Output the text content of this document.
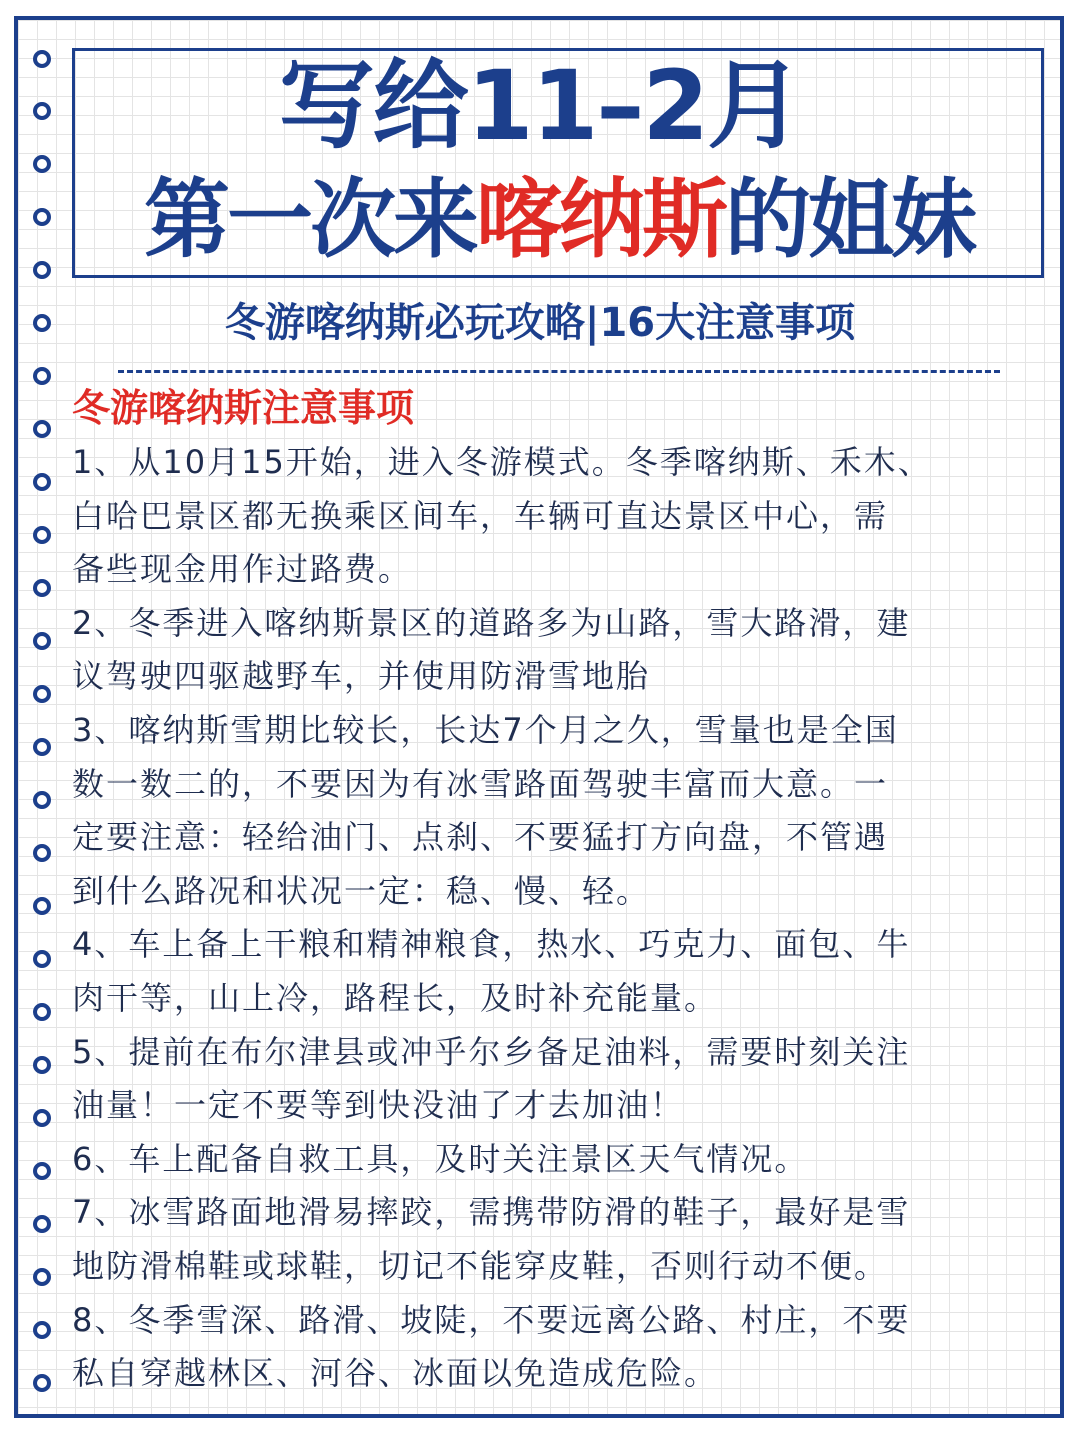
写给11–2月
第一次来喀纳斯的姐妹
冬游喀纳斯必玩攻略|16大注意事项
冬游喀纳斯注意事项
1、从10月15开始，进入冬游模式。冬季喀纳斯、禾木、
白哈巴景区都无换乘区间车，车辆可直达景区中心，需
备些现金用作过路费。
2、冬季进入喀纳斯景区的道路多为山路，雪大路滑，建
议驾驶四驱越野车，并使用防滑雪地胎
3、喀纳斯雪期比较长，长达7个月之久，雪量也是全国
数一数二的，不要因为有冰雪路面驾驶丰富而大意。一
定要注意：轻给油门、点刹、不要猛打方向盘，不管遇
到什么路况和状况一定：稳、慢、轻。
4、车上备上干粮和精神粮食，热水、巧克力、面包、牛
肉干等，山上冷，路程长，及时补充能量。
5、提前在布尔津县或冲乎尔乡备足油料，需要时刻关注
油量！一定不要等到快没油了才去加油！
6、车上配备自救工具，及时关注景区天气情况。
7、冰雪路面地滑易摔跤，需携带防滑的鞋子，最好是雪
地防滑棉鞋或球鞋，切记不能穿皮鞋，否则行动不便。
8、冬季雪深、路滑、坡陡，不要远离公路、村庄，不要
私自穿越林区、河谷、冰面以免造成危险。
